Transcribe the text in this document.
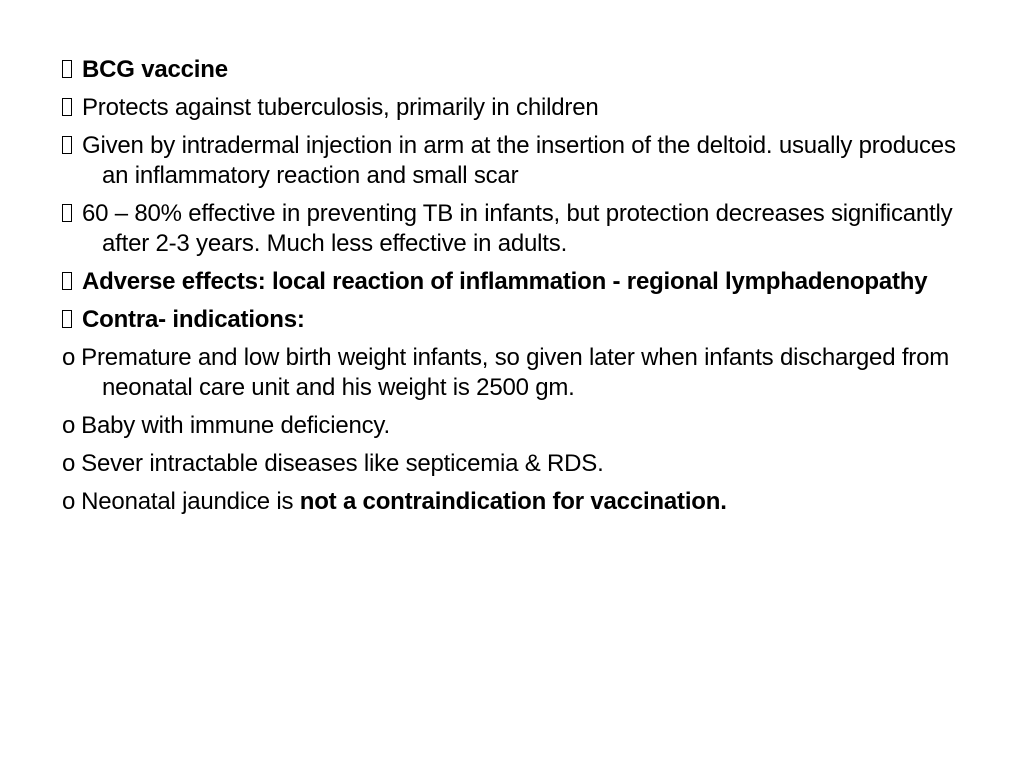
BCG vaccine
Protects against tuberculosis, primarily in children
Given by intradermal injection in arm at the insertion of the deltoid. usually produces an inflammatory reaction and small scar
60 – 80% effective in preventing TB in infants, but protection decreases significantly after 2-3 years. Much less effective in adults.
Adverse effects: local reaction of inflammation - regional lymphadenopathy
Contra- indications:
o Premature and low birth weight infants, so given later when infants discharged from neonatal care unit and his weight is 2500 gm.
o Baby with immune deficiency.
o Sever intractable diseases like septicemia & RDS.
o Neonatal jaundice is not a contraindication for vaccination.
